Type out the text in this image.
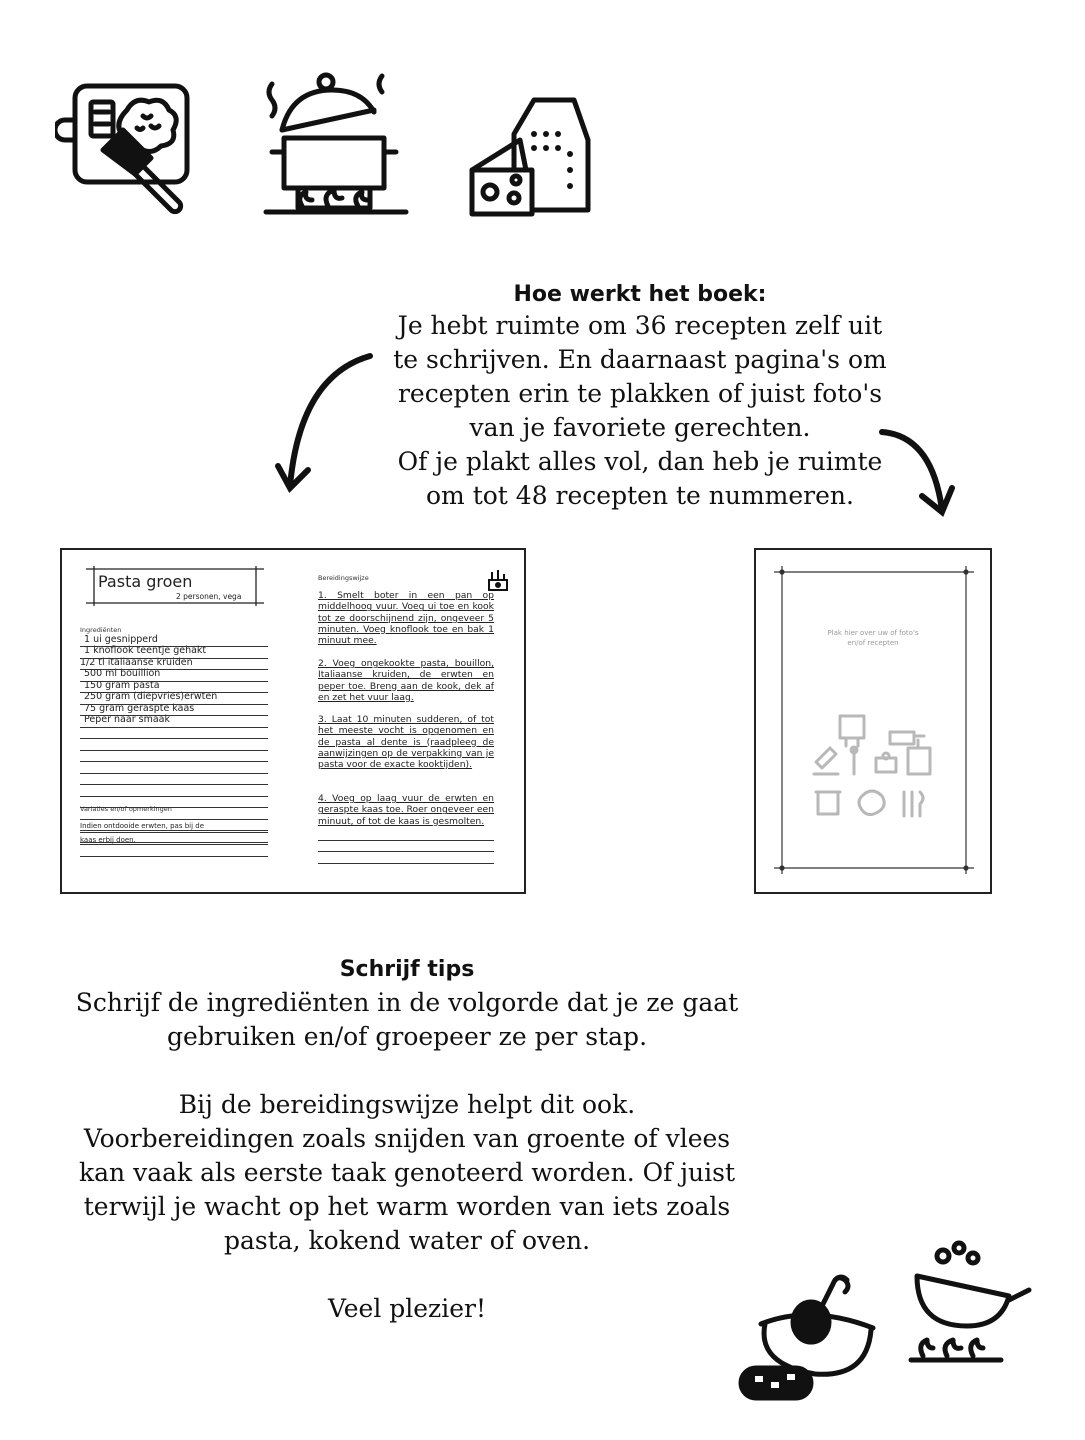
Hoe werkt het boek:

Je hebt ruimte om 36 recepten zelf uit

te schrijven. En daarnaast pagina's om

recepten erin te plakken of juist foto's

van je favoriete gerechten.

Of je plakt alles vol, dan heb je ruimte

om tot 48 recepten te nummeren.

Pasta groen
2 personen, vega
Ingrediënten
1 ui gesnipperd
1 knoflook teentje gehakt
1/2 tl italiaanse kruiden
500 ml bouillion
150 gram pasta
250 gram (diepvries)erwten
75 gram geraspte kaas
Peper naar smaak
Variaties en/of opmerkingen
Indien ontdooide erwten, pas bij de
kaas erbij doen.
Bereidingswijze
1. Smelt boter in een pan op middelhoog vuur. Voeg ui toe en kook tot ze doorschijnend zijn, ongeveer 5 minuten. Voeg knoflook toe en bak 1 minuut mee.
2. Voeg ongekookte pasta, bouillon, Italiaanse kruiden, de erwten en peper toe. Breng aan de kook, dek af en zet het vuur laag.
3. Laat 10 minuten sudderen, of tot het meeste vocht is opgenomen en de pasta al dente is (raadpleeg de aanwijzingen op de verpakking van je pasta voor de exacte kooktijden).
4. Voeg op laag vuur de erwten en geraspte kaas toe. Roer ongeveer een minuut, of tot de kaas is gesmolten.
Plak hier over uw of foto's
en/of recepten
Schrijf tips

Schrijf de ingrediënten in de volgorde dat je ze gaat

gebruiken en/of groepeer ze per stap.

Bij de bereidingswijze helpt dit ook.

Voorbereidingen zoals snijden van groente of vlees

kan vaak als eerste taak genoteerd worden. Of juist

terwijl je wacht op het warm worden van iets zoals

pasta, kokend water of oven.

Veel plezier!
